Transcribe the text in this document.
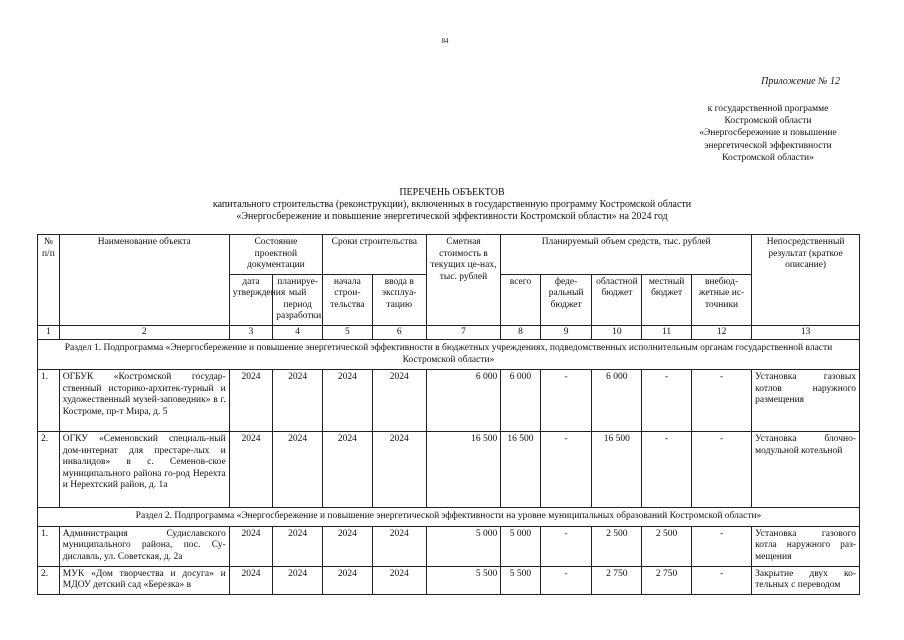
84
Приложение № 12
к государственной программе
Костромской области
«Энергосбережение и повышение
энергетической эффективности
Костромской области»
ПЕРЕЧЕНЬ ОБЪЕКТОВ
капитального строительства (реконструкции), включенных в государственную программу Костромской области
«Энергосбережение и повышение энергетической эффективности Костромской области» на 2024 год
№ п/п	Наименование объекта	Состояние проектной документации		Сроки строительства		Сметная стоимость в текущих це-нах, тыс. рублей	Планируемый объем средств, тыс. рублей					Непосредственный результат (краткое описание)
		дата утверждения	планируе-мый период разработки	начала строи-тельства	ввода в эксплуа-тацию		всего	феде-ральный бюджет	областной бюджет	местный бюджет	внебюд-жетные ис-точники	
1	2	3	4	5	6	7	8	9	10	11	12	13
Раздел 1. Подпрограмма «Энергосбережение и повышение энергетической эффективности в бюджетных учреждениях, подведомственных исполнительным органам государственной власти Костромской области»												
1.	ОГБУК «Костромской государ-ственный историко-архитек-турный и художественный музей-заповедник» в г. Костроме, пр-т Мира, д. 5	2024	2024	2024	2024	6 000	6 000	-	6 000	-	-	Установка газовых котлов наружного размещения
2.	ОГКУ «Семеновский специаль-ный дом-интернат для престаре-лых и инвалидов» в с. Семенов-ское муниципального района го-род Нерехта и Нерехтский район, д. 1а	2024	2024	2024	2024	16 500	16 500	-	16 500	-	-	Установка блочно-модульной котельной
Раздел 2. Подпрограмма «Энергосбережение и повышение энергетической эффективности на уровне муниципальных образований Костромской области»												
1.	Администрация Судиславского муниципального района, пос. Су-диславль, ул. Советская, д. 2а	2024	2024	2024	2024	5 000	5 000	-	2 500	2 500	-	Установка газового котла наружного раз-мещения
2.	МУК «Дом творчества и досуга» и МДОУ детский сад «Березка» в	2024	2024	2024	2024	5 500	5 500	-	2 750	2 750	-	Закрытие двух ко-тельных с переводом
